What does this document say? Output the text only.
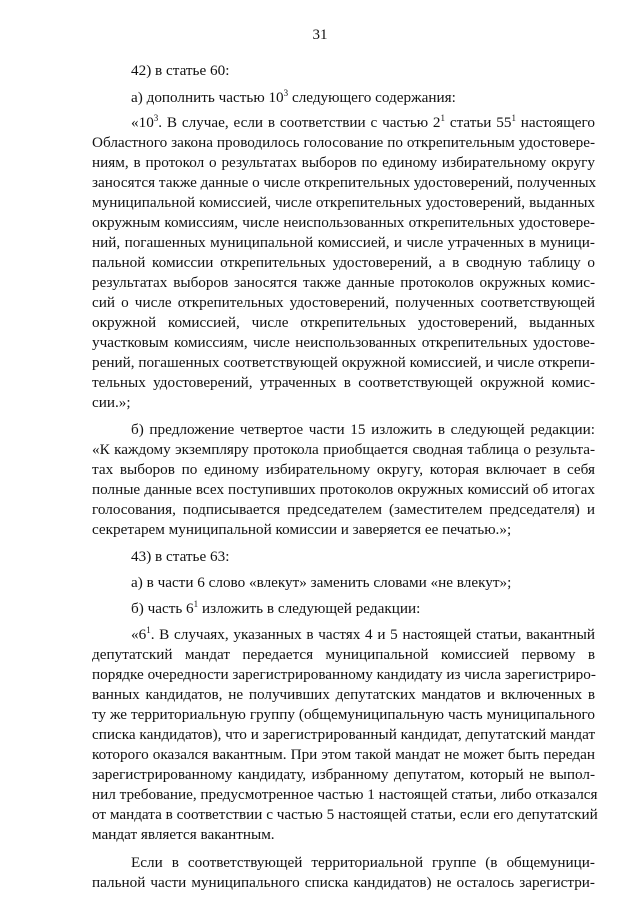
31
42) в статье 60:
а) дополнить частью $10^3$ следующего содержания:
«$10^3$. В случае, если в соответствии с частью $2^1$ статьи $55^1$ настоящего
Областного закона проводилось голосование по открепительным удостовере-
ниям, в протокол о результатах выборов по единому избирательному округу
заносятся также данные о числе открепительных удостоверений, полученных
муниципальной комиссией, числе открепительных удостоверений, выданных
окружным комиссиям, числе неиспользованных открепительных удостовере-
ний, погашенных муниципальной комиссией, и числе утраченных в муници-
пальной комиссии открепительных удостоверений, а в сводную таблицу о
результатах выборов заносятся также данные протоколов окружных комис-
сий о числе открепительных удостоверений, полученных соответствующей
окружной комиссией, числе открепительных удостоверений, выданных
участковым комиссиям, числе неиспользованных открепительных удостове-
рений, погашенных соответствующей окружной комиссией, и числе открепи-
тельных удостоверений, утраченных в соответствующей окружной комис-
сии.»;
б) предложение четвертое части 15 изложить в следующей редакции:
«К каждому экземпляру протокола приобщается сводная таблица о результа-
тах выборов по единому избирательному округу, которая включает в себя
полные данные всех поступивших протоколов окружных комиссий об итогах
голосования, подписывается председателем (заместителем председателя) и
секретарем муниципальной комиссии и заверяется ее печатью.»;
43) в статье 63:
а) в части 6 слово «влекут» заменить словами «не влекут»;
б) часть $6^1$ изложить в следующей редакции:
«$6^1$. В случаях, указанных в частях 4 и 5 настоящей статьи, вакантный
депутатский мандат передается муниципальной комиссией первому в
порядке очередности зарегистрированному кандидату из числа зарегистриро-
ванных кандидатов, не получивших депутатских мандатов и включенных в
ту же территориальную группу (общемуниципальную часть муниципального
списка кандидатов), что и зарегистрированный кандидат, депутатский мандат
которого оказался вакантным. При этом такой мандат не может быть передан
зарегистрированному кандидату, избранному депутатом, который не выпол-
нил требование, предусмотренное частью 1 настоящей статьи, либо отказался
от мандата в соответствии с частью 5 настоящей статьи, если его депутатский
мандат является вакантным.
Если в соответствующей территориальной группе (в общемуници-
пальной части муниципального списка кандидатов) не осталось зарегистри-
